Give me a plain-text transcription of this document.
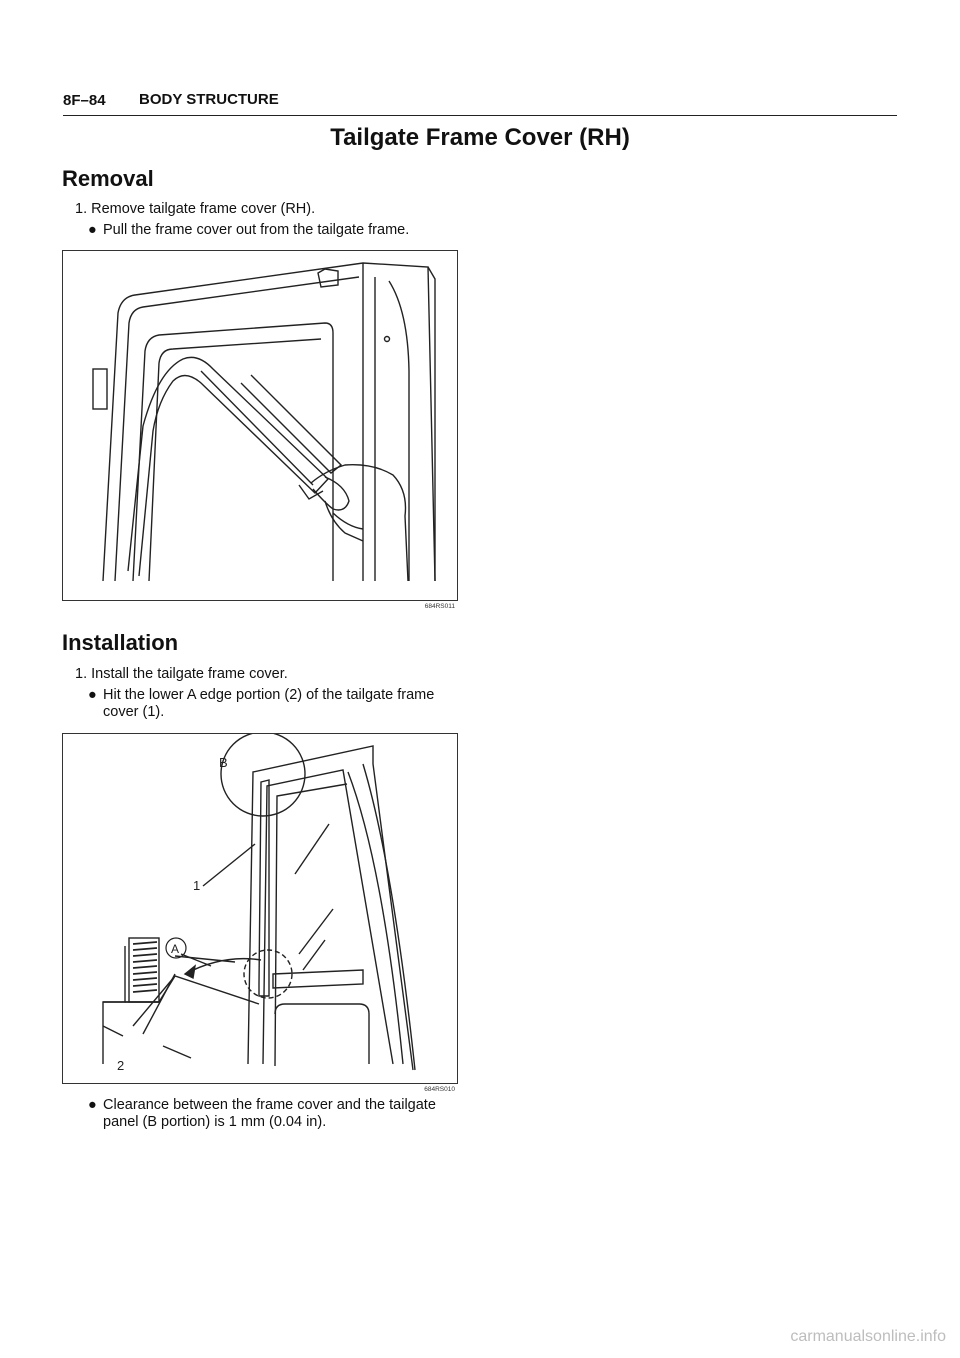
8F–84 BODY STRUCTURE
Tailgate Frame Cover (RH)
Removal
1. Remove tailgate frame cover (RH).
● Pull the frame cover out from the tailgate frame.
684RS011
Installation
1. Install the tailgate frame cover.
● Hit the lower A edge portion (2) of the tailgate frame cover (1).
B
1
A
2
684RS010
● Clearance between the frame cover and the tailgate panel (B portion) is 1 mm (0.04 in).
carmanualsonline.info
